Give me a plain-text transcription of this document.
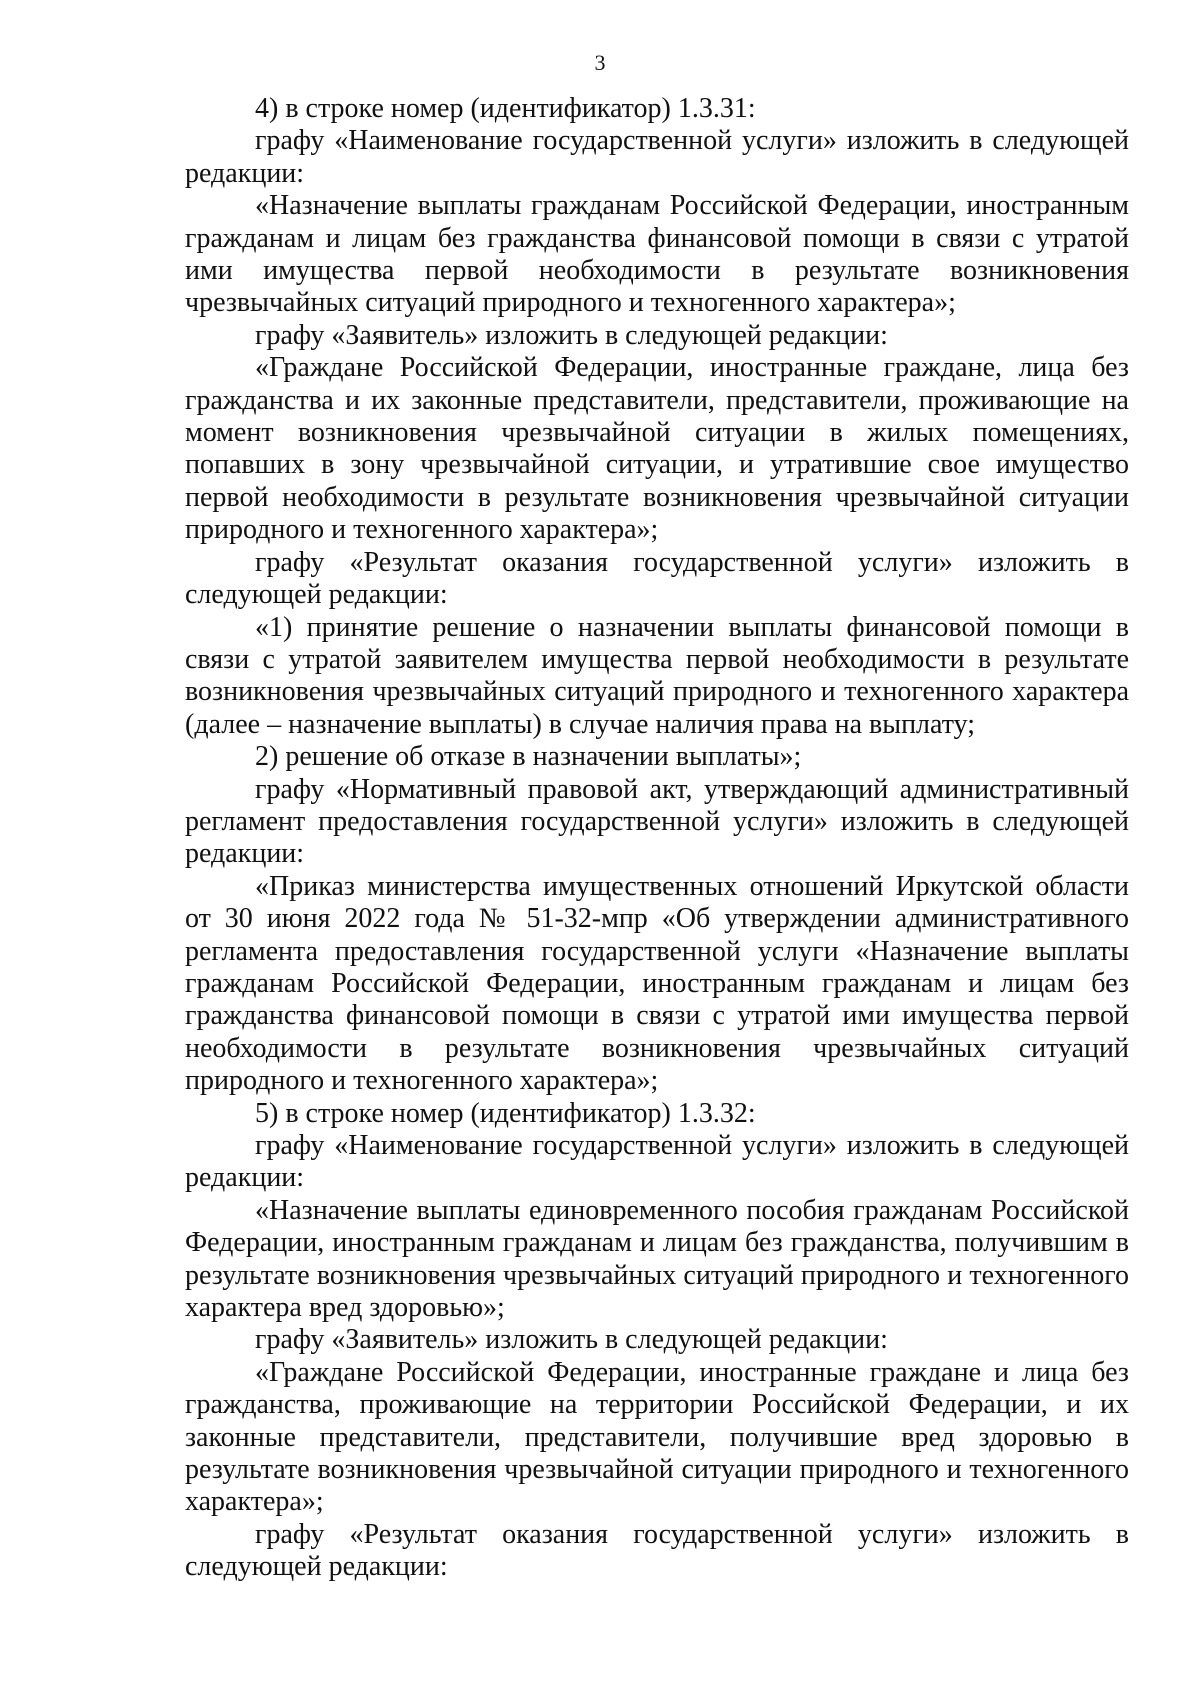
3

4) в строке номер (идентификатор) 1.3.31:

графу «Наименование государственной услуги» изложить в следующей редакции:

«Назначение выплаты гражданам Российской Федерации, иностранным гражданам и лицам без гражданства финансовой помощи в связи с утратой ими имущества первой необходимости в результате возникновения чрезвычайных ситуаций природного и техногенного характера»;

графу «Заявитель» изложить в следующей редакции:

«Граждане Российской Федерации, иностранные граждане, лица без гражданства и их законные представители, представители, проживающие на момент возникновения чрезвычайной ситуации в жилых помещениях, попавших в зону чрезвычайной ситуации, и утратившие свое имущество первой необходимости в результате возникновения чрезвычайной ситуации природного и техногенного характера»;

графу «Результат оказания государственной услуги» изложить в следующей редакции:

«1) принятие решение о назначении выплаты финансовой помощи в связи с утратой заявителем имущества первой необходимости в результате возникновения чрезвычайных ситуаций природного и техногенного характера (далее – назначение выплаты) в случае наличия права на выплату;

2) решение об отказе в назначении выплаты»;

графу «Нормативный правовой акт, утверждающий административный регламент предоставления государственной услуги» изложить в следующей редакции:

«Приказ министерства имущественных отношений Иркутской области от 30 июня 2022 года № 51-32-мпр «Об утверждении административного регламента предоставления государственной услуги «Назначение выплаты гражданам Российской Федерации, иностранным гражданам и лицам без гражданства финансовой помощи в связи с утратой ими имущества первой необходимости в результате возникновения чрезвычайных ситуаций природного и техногенного характера»;

5) в строке номер (идентификатор) 1.3.32:

графу «Наименование государственной услуги» изложить в следующей редакции:

«Назначение выплаты единовременного пособия гражданам Российской Федерации, иностранным гражданам и лицам без гражданства, получившим в результате возникновения чрезвычайных ситуаций природного и техногенного характера вред здоровью»;

графу «Заявитель» изложить в следующей редакции:

«Граждане Российской Федерации, иностранные граждане и лица без гражданства, проживающие на территории Российской Федерации, и их законные представители, представители, получившие вред здоровью в результате возникновения чрезвычайной ситуации природного и техногенного характера»;

графу «Результат оказания государственной услуги» изложить в следующей редакции:
